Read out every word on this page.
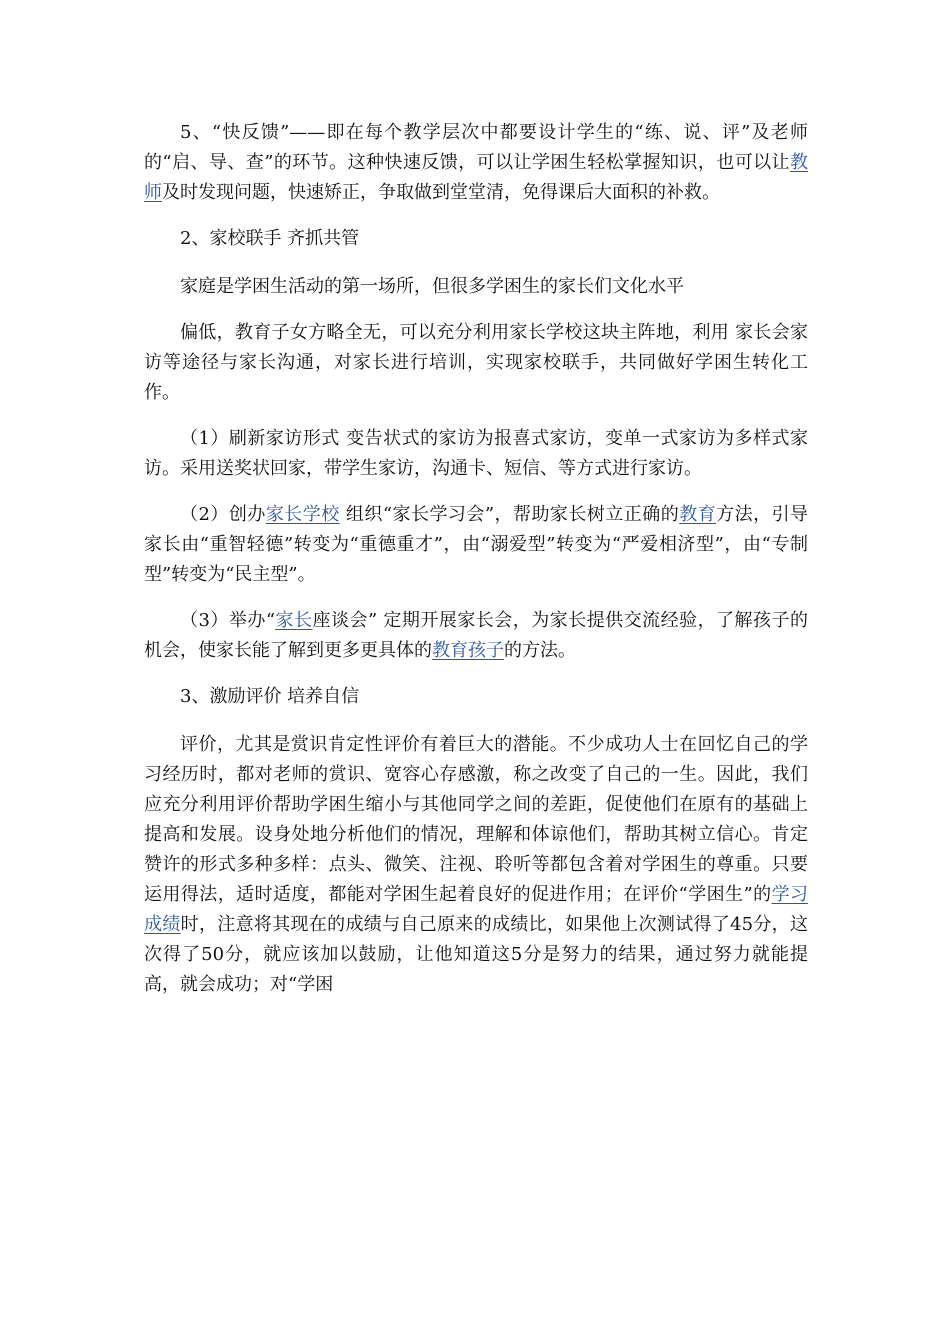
5、“快反馈”——即在每个教学层次中都要设计学生的“练、说、评”及老师的“启、导、查”的环节。这种快速反馈，可以让学困生轻松掌握知识，也可以让教师及时发现问题，快速矫正，争取做到堂堂清，免得课后大面积的补救。

2、家校联手 齐抓共管

家庭是学困生活动的第一场所，但很多学困生的家长们文化水平

偏低，教育子女方略全无，可以充分利用家长学校这块主阵地，利用 家长会家访等途径与家长沟通，对家长进行培训，实现家校联手，共同做好学困生转化工作。

（1）刷新家访形式 变告状式的家访为报喜式家访，变单一式家访为多样式家访。采用送奖状回家，带学生家访，沟通卡、短信、等方式进行家访。

（2）创办家长学校 组织“家长学习会”，帮助家长树立正确的教育方法，引导家长由“重智轻德”转变为“重德重才”，由“溺爱型”转变为“严爱相济型”，由“专制型”转变为“民主型”。

（3）举办“家长座谈会” 定期开展家长会，为家长提供交流经验，了解孩子的机会，使家长能了解到更多更具体的教育孩子的方法。

3、激励评价 培养自信

评价，尤其是赏识肯定性评价有着巨大的潜能。不少成功人士在回忆自己的学习经历时，都对老师的赏识、宽容心存感激，称之改变了自己的一生。因此，我们应充分利用评价帮助学困生缩小与其他同学之间的差距，促使他们在原有的基础上提高和发展。设身处地分析他们的情况，理解和体谅他们，帮助其树立信心。肯定赞许的形式多种多样：点头、微笑、注视、聆听等都包含着对学困生的尊重。只要运用得法，适时适度，都能对学困生起着良好的促进作用；在评价“学困生”的学习成绩时，注意将其现在的成绩与自己原来的成绩比，如果他上次测试得了45分，这次得了50分，就应该加以鼓励，让他知道这5分是努力的结果，通过努力就能提高，就会成功；对“学困
